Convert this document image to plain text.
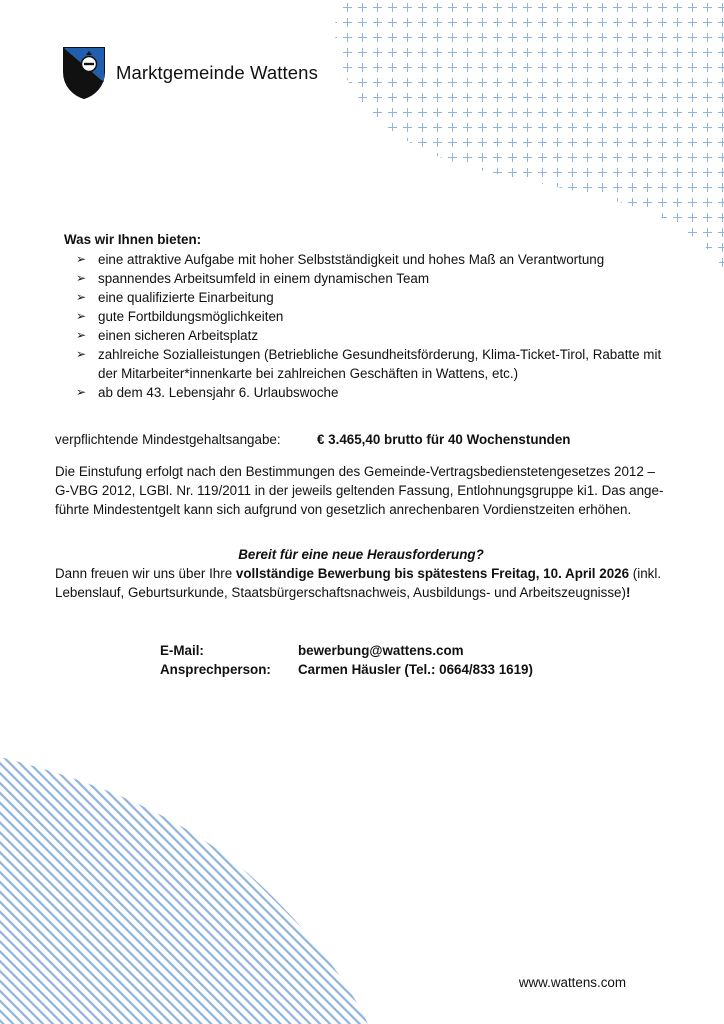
Marktgemeinde Wattens
Was wir Ihnen bieten:
➢ eine attraktive Aufgabe mit hoher Selbstständigkeit und hohes Maß an Verantwortung
➢ spannendes Arbeitsumfeld in einem dynamischen Team
➢ eine qualifizierte Einarbeitung
➢ gute Fortbildungsmöglichkeiten
➢ einen sicheren Arbeitsplatz
➢ zahlreiche Sozialleistungen (Betriebliche Gesundheitsförderung, Klima-Ticket-Tirol, Rabatte mit der Mitarbeiter*innenkarte bei zahlreichen Geschäften in Wattens, etc.)
➢ ab dem 43. Lebensjahr 6. Urlaubswoche
verpflichtende Mindestgehaltsangabe:	€ 3.465,40 brutto für 40 Wochenstunden
Die Einstufung erfolgt nach den Bestimmungen des Gemeinde-Vertragsbedienstetengesetzes 2012 – G-VBG 2012, LGBl. Nr. 119/2011 in der jeweils geltenden Fassung, Entlohnungsgruppe ki1. Das ange-führte Mindestentgelt kann sich aufgrund von gesetzlich anrechenbaren Vordienstzeiten erhöhen.
Bereit für eine neue Herausforderung?
Dann freuen wir uns über Ihre vollständige Bewerbung bis spätestens Freitag, 10. April 2026 (inkl. Lebenslauf, Geburtsurkunde, Staatsbürgerschaftsnachweis, Ausbildungs- und Arbeitszeugnisse)!
E-Mail:	bewerbung@wattens.com
Ansprechperson:	Carmen Häusler (Tel.: 0664/833 1619)
www.wattens.com
